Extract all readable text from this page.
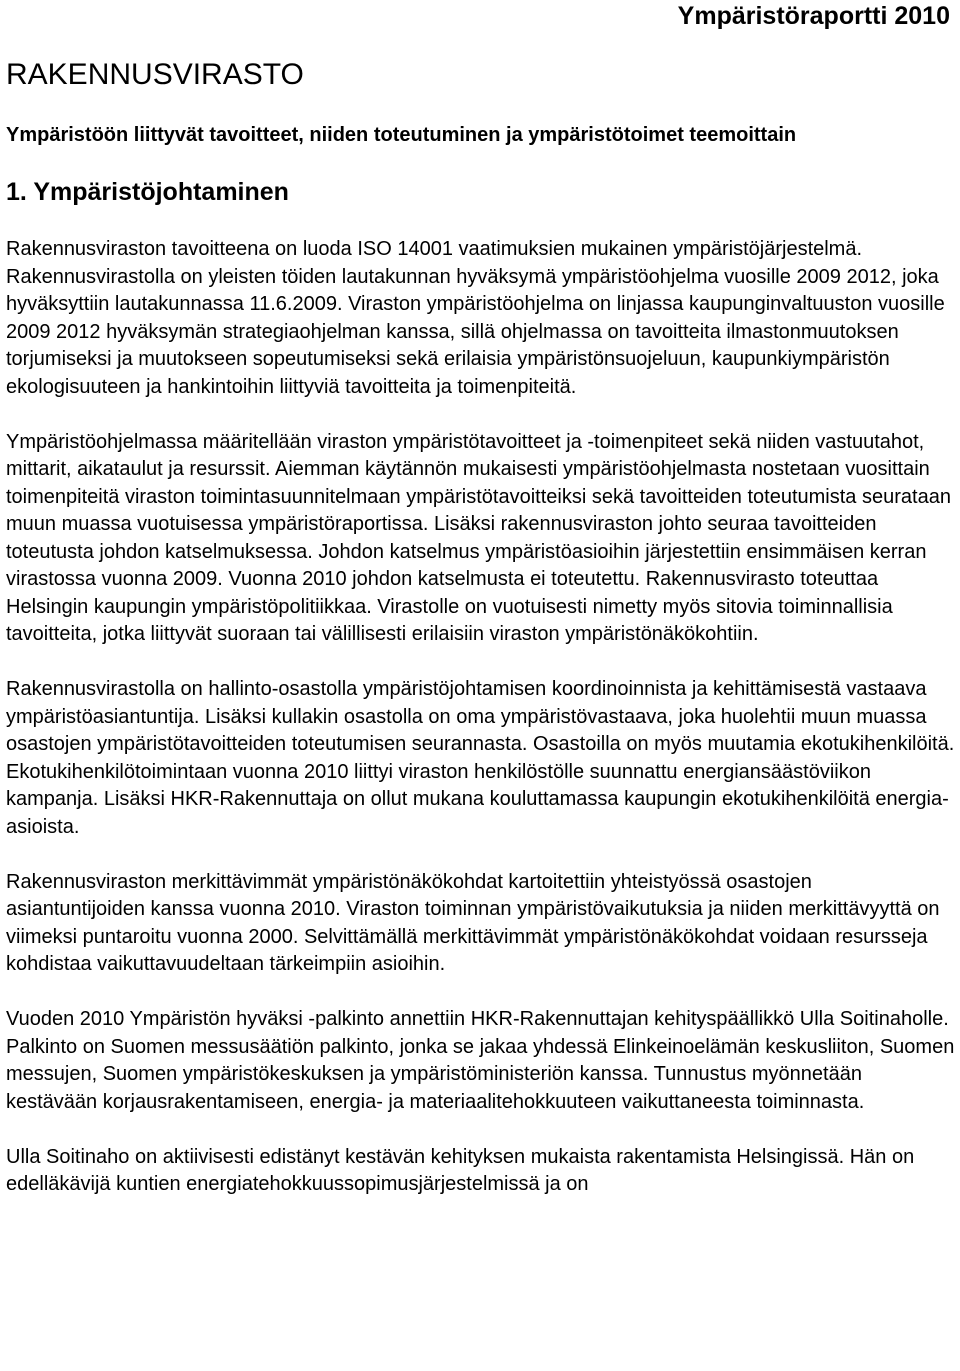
Ympäristöraportti 2010
RAKENNUSVIRASTO
Ympäristöön liittyvät tavoitteet, niiden toteutuminen ja ympäristötoimet teemoittain
1. Ympäristöjohtaminen

Rakennusviraston tavoitteena on luoda ISO 14001 vaatimuksien mukainen ympäristöjärjestelmä. Rakennusvirastolla on yleisten töiden lautakunnan hyväksymä ympäristöohjelma vuosille 2009 2012, joka hyväksyttiin lautakunnassa 11.6.2009. Viraston ympäristöohjelma on linjassa kaupunginvaltuuston vuosille 2009 2012 hyväksymän strategiaohjelman kanssa, sillä ohjelmassa on tavoitteita ilmastonmuutoksen torjumiseksi ja muutokseen sopeutumiseksi sekä erilaisia ympäristönsuojeluun, kaupunkiympäristön ekologisuuteen ja hankintoihin liittyviä tavoitteita ja toimenpiteitä.

Ympäristöohjelmassa määritellään viraston ympäristötavoitteet ja -toimenpiteet sekä niiden vastuutahot, mittarit, aikataulut ja resurssit. Aiemman käytännön mukaisesti ympäristöohjelmasta nostetaan vuosittain toimenpiteitä viraston toimintasuunnitelmaan ympäristötavoitteiksi sekä tavoitteiden toteutumista seurataan muun muassa vuotuisessa ympäristöraportissa. Lisäksi rakennusviraston johto seuraa tavoitteiden toteutusta johdon katselmuksessa. Johdon katselmus ympäristöasioihin järjestettiin ensimmäisen kerran virastossa vuonna 2009. Vuonna 2010 johdon katselmusta ei toteutettu. Rakennusvirasto toteuttaa Helsingin kaupungin ympäristöpolitiikkaa. Virastolle on vuotuisesti nimetty myös sitovia toiminnallisia tavoitteita, jotka liittyvät suoraan tai välillisesti erilaisiin viraston ympäristönäkökohtiin.

Rakennusvirastolla on hallinto-osastolla ympäristöjohtamisen koordinoinnista ja kehittämisestä vastaava ympäristöasiantuntija. Lisäksi kullakin osastolla on oma ympäristövastaava, joka huolehtii muun muassa osastojen ympäristötavoitteiden toteutumisen seurannasta. Osastoilla on myös muutamia ekotukihenkilöitä. Ekotukihenkilötoimintaan vuonna 2010 liittyi viraston henkilöstölle suunnattu energiansäästöviikon kampanja. Lisäksi HKR-Rakennuttaja on ollut mukana kouluttamassa kaupungin ekotukihenkilöitä energia-asioista.

Rakennusviraston merkittävimmät ympäristönäkökohdat kartoitettiin yhteistyössä osastojen asiantuntijoiden kanssa vuonna 2010. Viraston toiminnan ympäristövaikutuksia ja niiden merkittävyyttä on viimeksi puntaroitu vuonna 2000. Selvittämällä merkittävimmät ympäristönäkökohdat voidaan resursseja kohdistaa vaikuttavuudeltaan tärkeimpiin asioihin.

Vuoden 2010 Ympäristön hyväksi -palkinto annettiin HKR-Rakennuttajan kehityspäällikkö Ulla Soitinaholle. Palkinto on Suomen messusäätiön palkinto, jonka se jakaa yhdessä Elinkeinoelämän keskusliiton, Suomen messujen, Suomen ympäristökeskuksen ja ympäristöministeriön kanssa. Tunnustus myönnetään kestävään korjausrakentamiseen, energia- ja materiaalitehokkuuteen vaikuttaneesta toiminnasta.

Ulla Soitinaho on aktiivisesti edistänyt kestävän kehityksen mukaista rakentamista Helsingissä. Hän on edelläkävijä kuntien energiatehokkuussopimusjärjestelmissä ja on
